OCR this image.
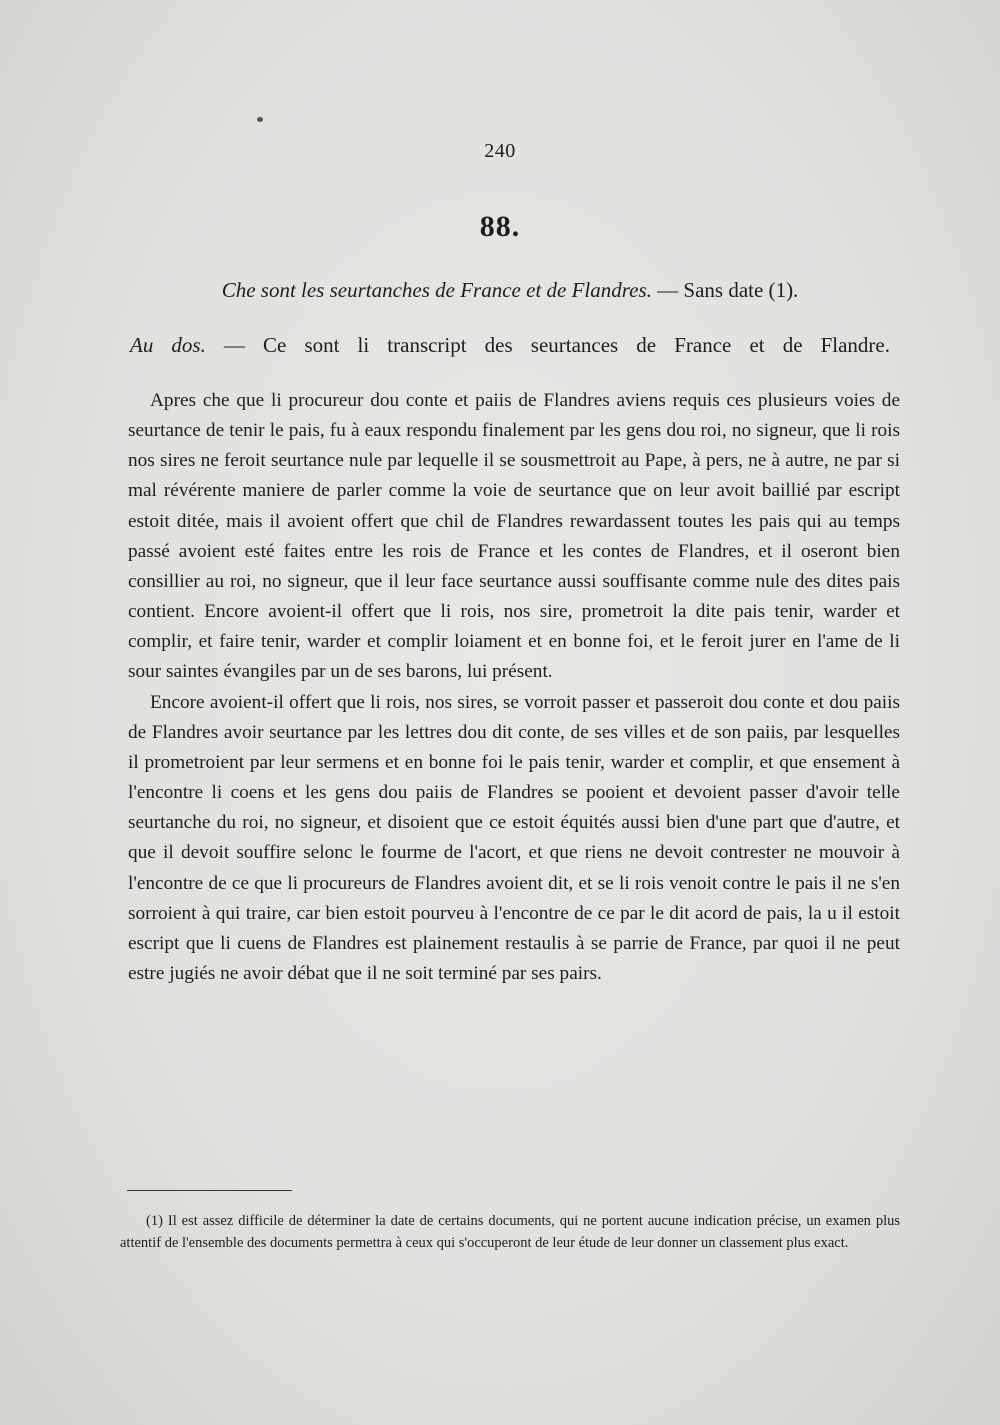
240
88.
Che sont les seurtanches de France et de Flandres. — Sans date (1).
Au dos. — Ce sont li transcript des seurtances de France et de Flandre.

Apres che que li procureur dou conte et paiis de Flandres aviens requis ces plusieurs voies de seurtance de tenir le pais, fu à eaux respondu finalement par les gens dou roi, no signeur, que li rois nos sires ne feroit seurtance nule par lequelle il se sousmettroit au Pape, à pers, ne à autre, ne par si mal révérente maniere de parler comme la voie de seurtance que on leur avoit baillié par escript estoit ditée, mais il avoient offert que chil de Flandres rewardassent toutes les pais qui au temps passé avoient esté faites entre les rois de France et les contes de Flandres, et il oseront bien consillier au roi, no signeur, que il leur face seurtance aussi souffisante comme nule des dites pais contient. Encore avoient-il offert que li rois, nos sire, prometroit la dite pais tenir, warder et complir, et faire tenir, warder et complir loiament et en bonne foi, et le feroit jurer en l'ame de li sour saintes évangiles par un de ses barons, lui présent.

Encore avoient-il offert que li rois, nos sires, se vorroit passer et passeroit dou conte et dou paiis de Flandres avoir seurtance par les lettres dou dit conte, de ses villes et de son paiis, par lesquelles il prometroient par leur sermens et en bonne foi le pais tenir, warder et complir, et que ensement à l'encontre li coens et les gens dou paiis de Flandres se pooient et devoient passer d'avoir telle seurtanche du roi, no signeur, et disoient que ce estoit équités aussi bien d'une part que d'autre, et que il devoit souffire selonc le fourme de l'acort, et que riens ne devoit contrester ne mouvoir à l'encontre de ce que li procureurs de Flandres avoient dit, et se li rois venoit contre le pais il ne s'en sorroient à qui traire, car bien estoit pourveu à l'encontre de ce par le dit acord de pais, la u il estoit escript que li cuens de Flandres est plainement restaulis à se parrie de France, par quoi il ne peut estre jugiés ne avoir débat que il ne soit terminé par ses pairs.

(1) Il est assez difficile de déterminer la date de certains documents, qui ne portent aucune indication précise, un examen plus attentif de l'ensemble des documents permettra à ceux qui s'occuperont de leur étude de leur donner un classement plus exact.
